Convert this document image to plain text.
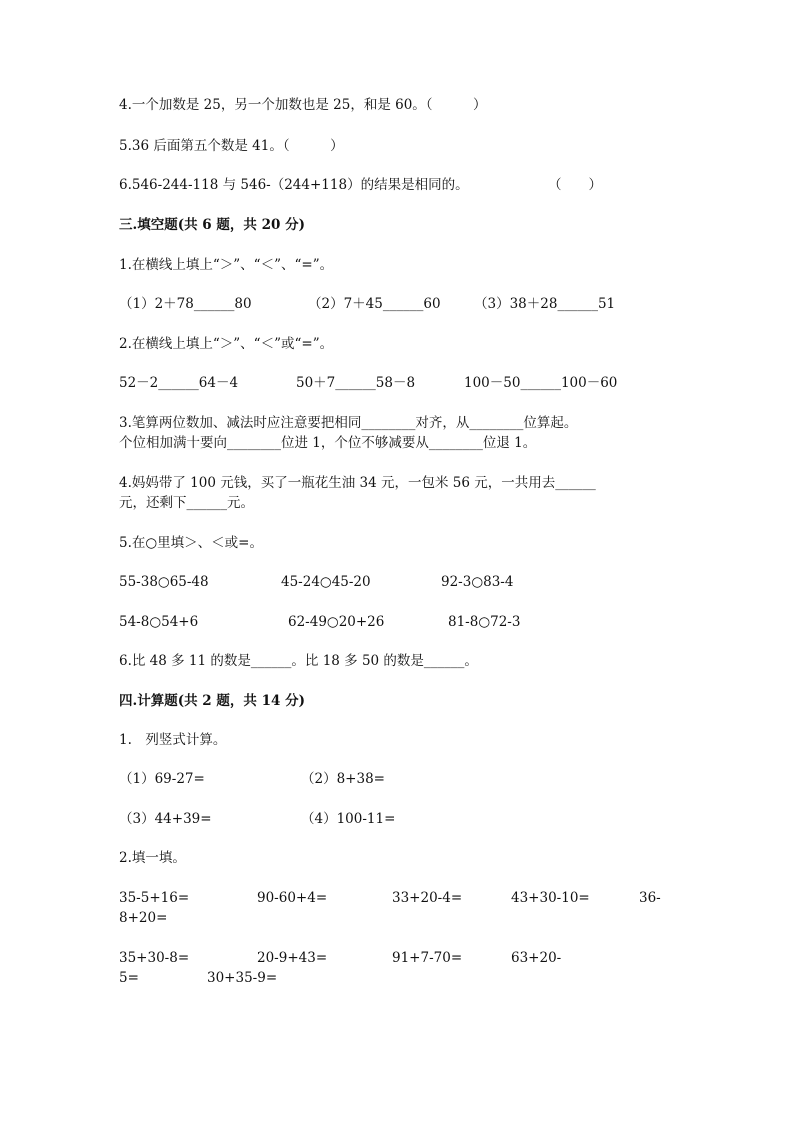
4.一个加数是 25，另一个加数也是 25，和是 60。（　　　）
5.36 后面第五个数是 41。（　　　）
6.546-244-118 与 546-（244+118）的结果是相同的。	（　　）
三.填空题(共 6 题，共 20 分)
1.在横线上填上“＞”、“＜”、“=”。
（1）2＋78______80	（2）7＋45______60 （3）38＋28______51
2.在横线上填上“＞”、“＜”或“=”。
52－2______64－4	50＋7______58－8	100－50______100－60
3.笔算两位数加、减法时应注意要把相同________对齐，从________位算起。
个位相加满十要向________位进 1，个位不够减要从________位退 1。
4.妈妈带了 100 元钱，买了一瓶花生油 34 元，一包米 56 元，一共用去______
元，还剩下______元。
5.在○里填＞、＜或=。
55-38○65-48	45-24○45-20	92-3○83-4
54-8○54+6	62-49○20+26	81-8○72-3
6.比 48 多 11 的数是______。比 18 多 50 的数是______。
四.计算题(共 2 题，共 14 分)
1.　列竖式计算。
（1）69-27=	（2）8+38=
（3）44+39=	（4）100-11=
2.填一填。
35-5+16=	90-60+4=	33+20-4=	43+30-10=	36-
8+20=
35+30-8=	20-9+43=	91+7-70=	63+20-
5=	30+35-9=
